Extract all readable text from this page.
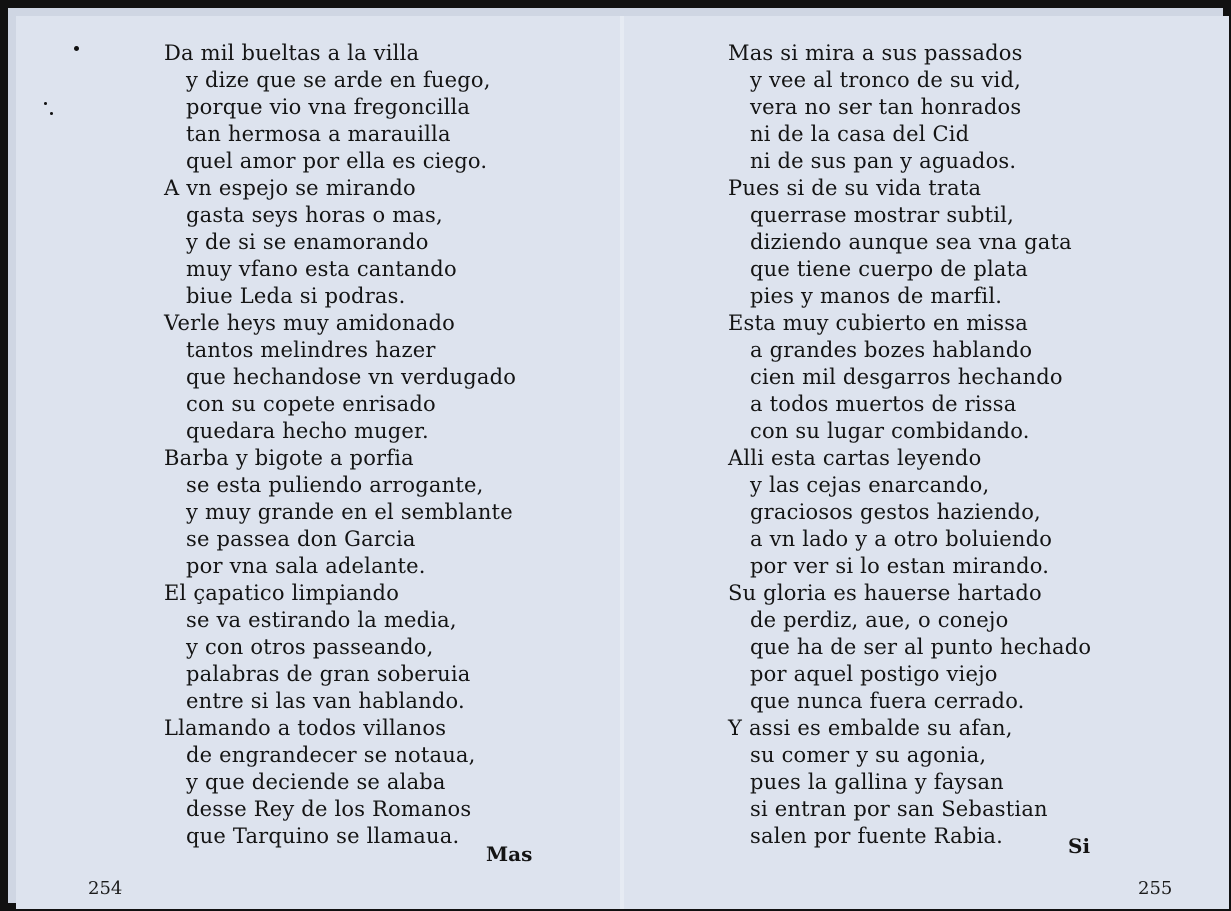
Da mil bueltas a la villa
y dize que se arde en fuego,
porque vio vna fregoncilla
tan hermosa a marauilla
quel amor por ella es ciego.
A vn espejo se mirando
gasta seys horas o mas,
y de si se enamorando
muy vfano esta cantando
biue Leda si podras.
Verle heys muy amidonado
tantos melindres hazer
que hechandose vn verdugado
con su copete enrisado
quedara hecho muger.
Barba y bigote a porfia
se esta puliendo arrogante,
y muy grande en el semblante
se passea don Garcia
por vna sala adelante.
El çapatico limpiando
se va estirando la media,
y con otros passeando,
palabras de gran soberuia
entre si las van hablando.
Llamando a todos villanos
de engrandecer se notaua,
y que deciende se alaba
desse Rey de los Romanos
que Tarquino se llamaua.
Mas si mira a sus passados
y vee al tronco de su vid,
vera no ser tan honrados
ni de la casa del Cid
ni de sus pan y aguados.
Pues si de su vida trata
querrase mostrar subtil,
diziendo aunque sea vna gata
que tiene cuerpo de plata
pies y manos de marfil.
Esta muy cubierto en missa
a grandes bozes hablando
cien mil desgarros hechando
a todos muertos de rissa
con su lugar combidando.
Alli esta cartas leyendo
y las cejas enarcando,
graciosos gestos haziendo,
a vn lado y a otro boluiendo
por ver si lo estan mirando.
Su gloria es hauerse hartado
de perdiz, aue, o conejo
que ha de ser al punto hechado
por aquel postigo viejo
que nunca fuera cerrado.
Y assi es embalde su afan,
su comer y su agonia,
pues la gallina y faysan
si entran por san Sebastian
salen por fuente Rabia.
Mas	Si
254	255
